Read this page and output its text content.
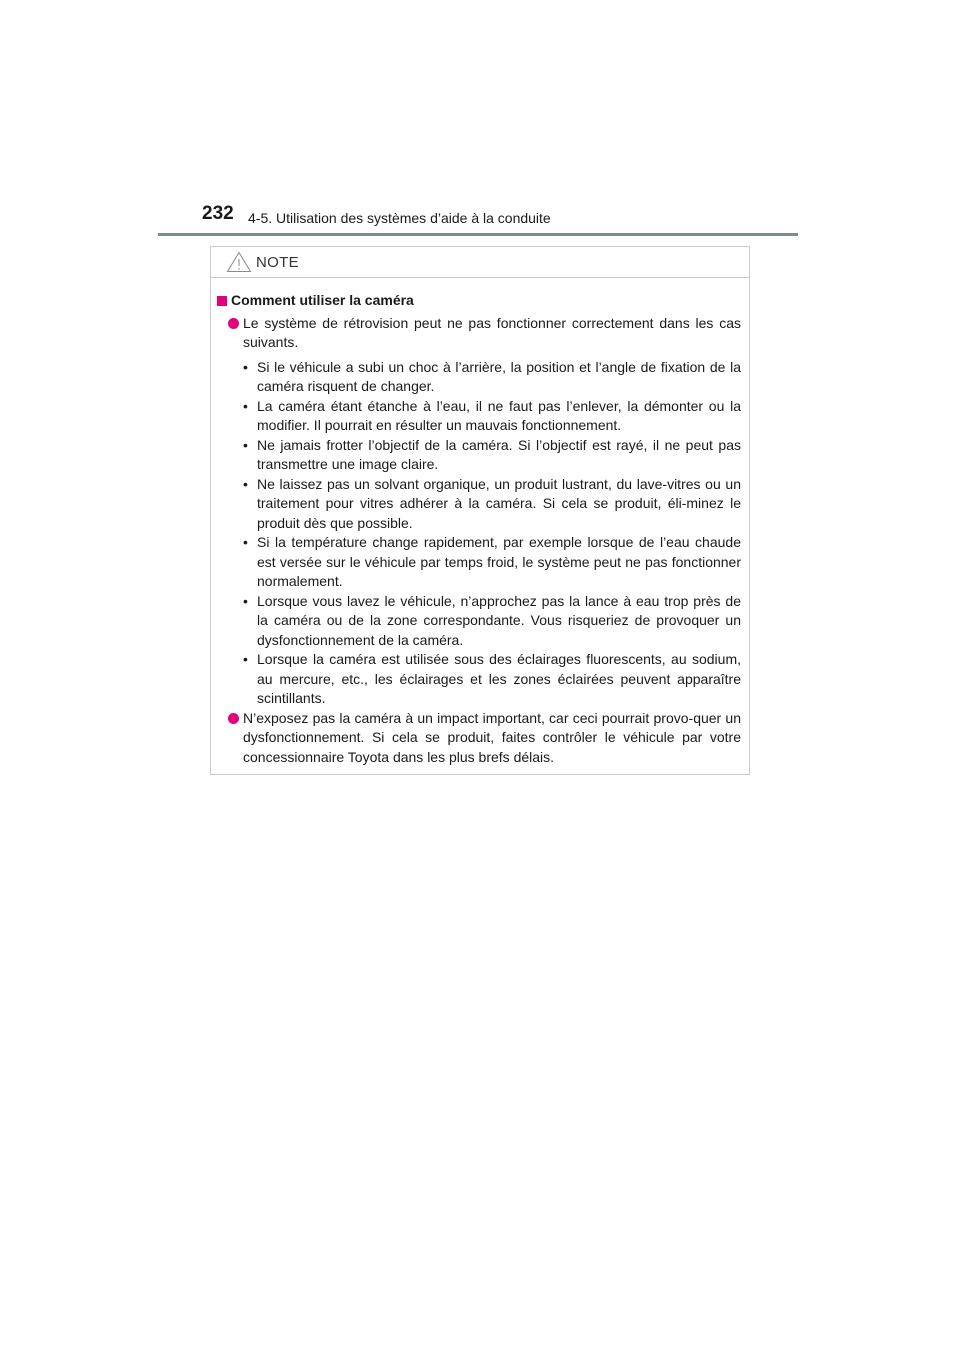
232 4-5. Utilisation des systèmes d’aide à la conduite
NOTE
Comment utiliser la caméra
Le système de rétrovision peut ne pas fonctionner correctement dans les cas suivants.
• Si le véhicule a subi un choc à l’arrière, la position et l’angle de fixation de la caméra risquent de changer.
• La caméra étant étanche à l’eau, il ne faut pas l’enlever, la démonter ou la modifier. Il pourrait en résulter un mauvais fonctionnement.
• Ne jamais frotter l’objectif de la caméra. Si l’objectif est rayé, il ne peut pas transmettre une image claire.
• Ne laissez pas un solvant organique, un produit lustrant, du lave-vitres ou un traitement pour vitres adhérer à la caméra. Si cela se produit, éli-minez le produit dès que possible.
• Si la température change rapidement, par exemple lorsque de l’eau chaude est versée sur le véhicule par temps froid, le système peut ne pas fonctionner normalement.
• Lorsque vous lavez le véhicule, n’approchez pas la lance à eau trop près de la caméra ou de la zone correspondante. Vous risqueriez de provoquer un dysfonctionnement de la caméra.
• Lorsque la caméra est utilisée sous des éclairages fluorescents, au sodium, au mercure, etc., les éclairages et les zones éclairées peuvent apparaître scintillants.
N’exposez pas la caméra à un impact important, car ceci pourrait provo-quer un dysfonctionnement. Si cela se produit, faites contrôler le véhicule par votre concessionnaire Toyota dans les plus brefs délais.
